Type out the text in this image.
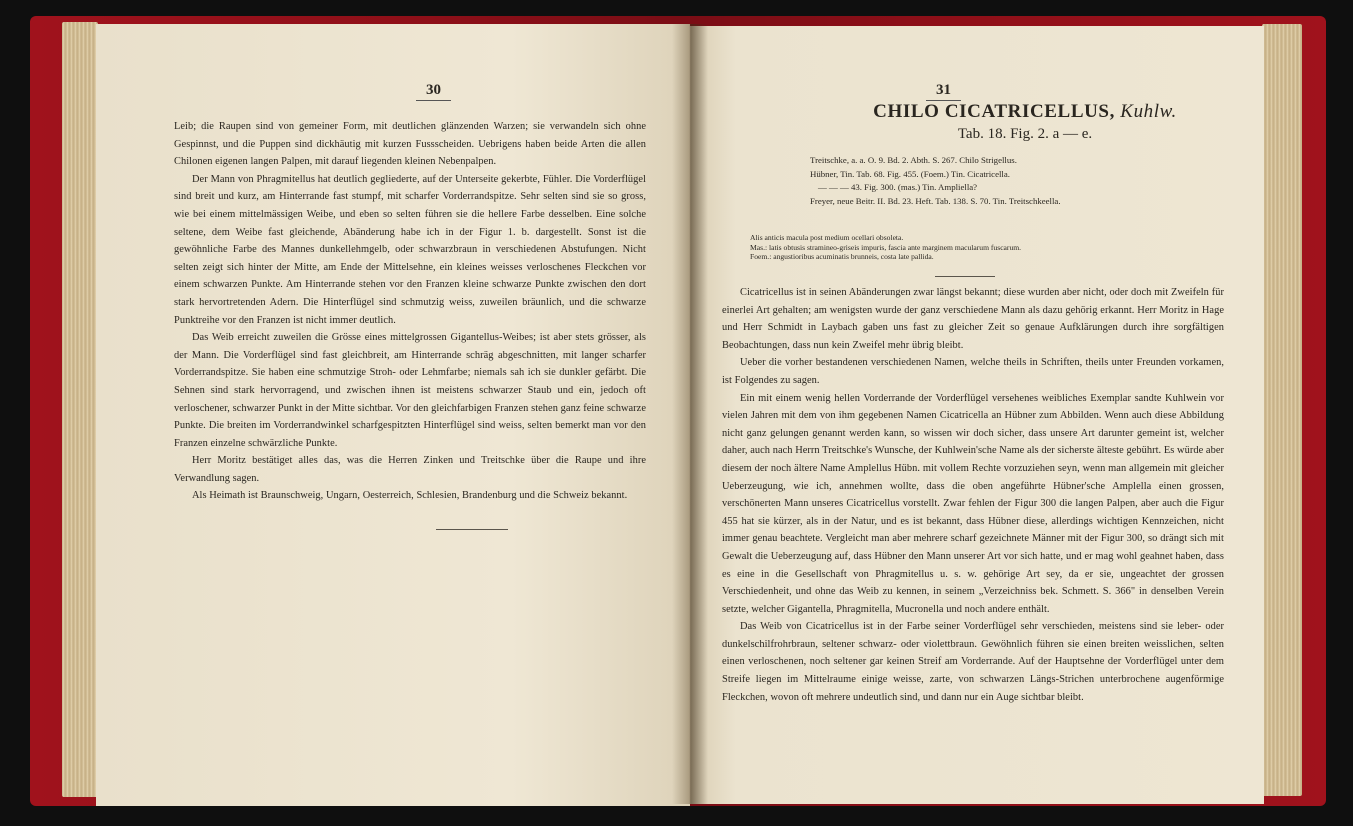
30

Leib; die Raupen sind von gemeiner Form, mit deutlichen glänzenden Warzen; sie verwandeln sich ohne Gespinnst, und die Puppen sind dickhäutig mit kurzen Fussscheiden. Uebrigens haben beide Arten die allen Chilonen eigenen langen Palpen, mit darauf liegenden kleinen Nebenpalpen.

Der Mann von Phragmitellus hat deutlich gegliederte, auf der Unterseite gekerbte, Fühler. Die Vorderflügel sind breit und kurz, am Hinterrande fast stumpf, mit scharfer Vorderrandspitze. Sehr selten sind sie so gross, wie bei einem mittelmässigen Weibe, und eben so selten führen sie die hellere Farbe desselben. Eine solche seltene, dem Weibe fast gleichende, Abänderung habe ich in der Figur 1. b. dargestellt. Sonst ist die gewöhnliche Farbe des Mannes dunkellehmgelb, oder schwarzbraun in verschiedenen Abstufungen. Nicht selten zeigt sich hinter der Mitte, am Ende der Mittelsehne, ein kleines weisses verloschenes Fleckchen vor einem schwarzen Punkte. Am Hinterrande stehen vor den Franzen kleine schwarze Punkte zwischen den dort stark hervortretenden Adern. Die Hinterflügel sind schmutzig weiss, zuweilen bräunlich, und die schwarze Punktreihe vor den Franzen ist nicht immer deutlich.

Das Weib erreicht zuweilen die Grösse eines mittelgrossen Gigantellus-Weibes; ist aber stets grösser, als der Mann. Die Vorderflügel sind fast gleichbreit, am Hinterrande schräg abgeschnitten, mit langer scharfer Vorderrandspitze. Sie haben eine schmutzige Stroh- oder Lehmfarbe; niemals sah ich sie dunkler gefärbt. Die Sehnen sind stark hervorragend, und zwischen ihnen ist meistens schwarzer Staub und ein, jedoch oft verloschener, schwarzer Punkt in der Mitte sichtbar. Vor den gleichfarbigen Franzen stehen ganz feine schwarze Punkte. Die breiten im Vorderrandwinkel scharfgespitzten Hinterflügel sind weiss, selten bemerkt man vor den Franzen einzelne schwärzliche Punkte.

Herr Moritz bestätiget alles das, was die Herren Zinken und Treitschke über die Raupe und ihre Verwandlung sagen.

Als Heimath ist Braunschweig, Ungarn, Oesterreich, Schlesien, Brandenburg und die Schweiz bekannt.

31
CHILO CICATRICELLUS, Kuhlw.
Tab. 18. Fig. 2. a — e.
Treitschke, a. a. O. 9. Bd. 2. Abth. S. 267. Chilo Strigellus.
Hübner, Tin. Tab. 68. Fig. 455. (Foem.) Tin. Cicatricella.
— — — 43. Fig. 300. (mas.) Tin. Ampliella?
Freyer, neue Beitr. II. Bd. 23. Heft. Tab. 138. S. 70. Tin. Treitschkeella.
Alis anticis macula post medium ocellari obsoleta.
Mas.: latis obtusis stramineo-griseis impuris, fascia ante marginem macularum fuscarum.
Foem.: angustioribus acuminatis brunneis, costa late pallida.

Cicatricellus ist in seinen Abänderungen zwar längst bekannt; diese wurden aber nicht, oder doch mit Zweifeln für einerlei Art gehalten; am wenigsten wurde der ganz verschiedene Mann als dazu gehörig erkannt. Herr Moritz in Hage und Herr Schmidt in Laybach gaben uns fast zu gleicher Zeit so genaue Aufklärungen durch ihre sorgfältigen Beobachtungen, dass nun kein Zweifel mehr übrig bleibt.

Ueber die vorher bestandenen verschiedenen Namen, welche theils in Schriften, theils unter Freunden vorkamen, ist Folgendes zu sagen.

Ein mit einem wenig hellen Vorderrande der Vorderflügel versehenes weibliches Exemplar sandte Kuhlwein vor vielen Jahren mit dem von ihm gegebenen Namen Cicatricella an Hübner zum Abbilden. Wenn auch diese Abbildung nicht ganz gelungen genannt werden kann, so wissen wir doch sicher, dass unsere Art darunter gemeint ist, welcher daher, auch nach Herrn Treitschke's Wunsche, der Kuhlwein'sche Name als der sicherste älteste gebührt. Es würde aber diesem der noch ältere Name Amplellus Hübn. mit vollem Rechte vorzuziehen seyn, wenn man allgemein mit gleicher Ueberzeugung, wie ich, annehmen wollte, dass die oben angeführte Hübner'sche Amplella einen grossen, verschönerten Mann unseres Cicatricellus vorstellt. Zwar fehlen der Figur 300 die langen Palpen, aber auch die Figur 455 hat sie kürzer, als in der Natur, und es ist bekannt, dass Hübner diese, allerdings wichtigen Kennzeichen, nicht immer genau beachtete. Vergleicht man aber mehrere scharf gezeichnete Männer mit der Figur 300, so drängt sich mit Gewalt die Ueberzeugung auf, dass Hübner den Mann unserer Art vor sich hatte, und er mag wohl geahnet haben, dass es eine in die Gesellschaft von Phragmitellus u. s. w. gehörige Art sey, da er sie, ungeachtet der grossen Verschiedenheit, und ohne das Weib zu kennen, in seinem „Verzeichniss bek. Schmett. S. 366" in denselben Verein setzte, welcher Gigantella, Phragmitella, Mucronella und noch andere enthält.

Das Weib von Cicatricellus ist in der Farbe seiner Vorderflügel sehr verschieden, meistens sind sie leber- oder dunkelschilfrohrbraun, seltener schwarz- oder violettbraun. Gewöhnlich führen sie einen breiten weisslichen, selten einen verloschenen, noch seltener gar keinen Streif am Vorderrande. Auf der Hauptsehne der Vorderflügel unter dem Streife liegen im Mittelraume einige weisse, zarte, von schwarzen Längs-Strichen unterbrochene augenförmige Fleckchen, wovon oft mehrere undeutlich sind, und dann nur ein Auge sichtbar bleibt.
